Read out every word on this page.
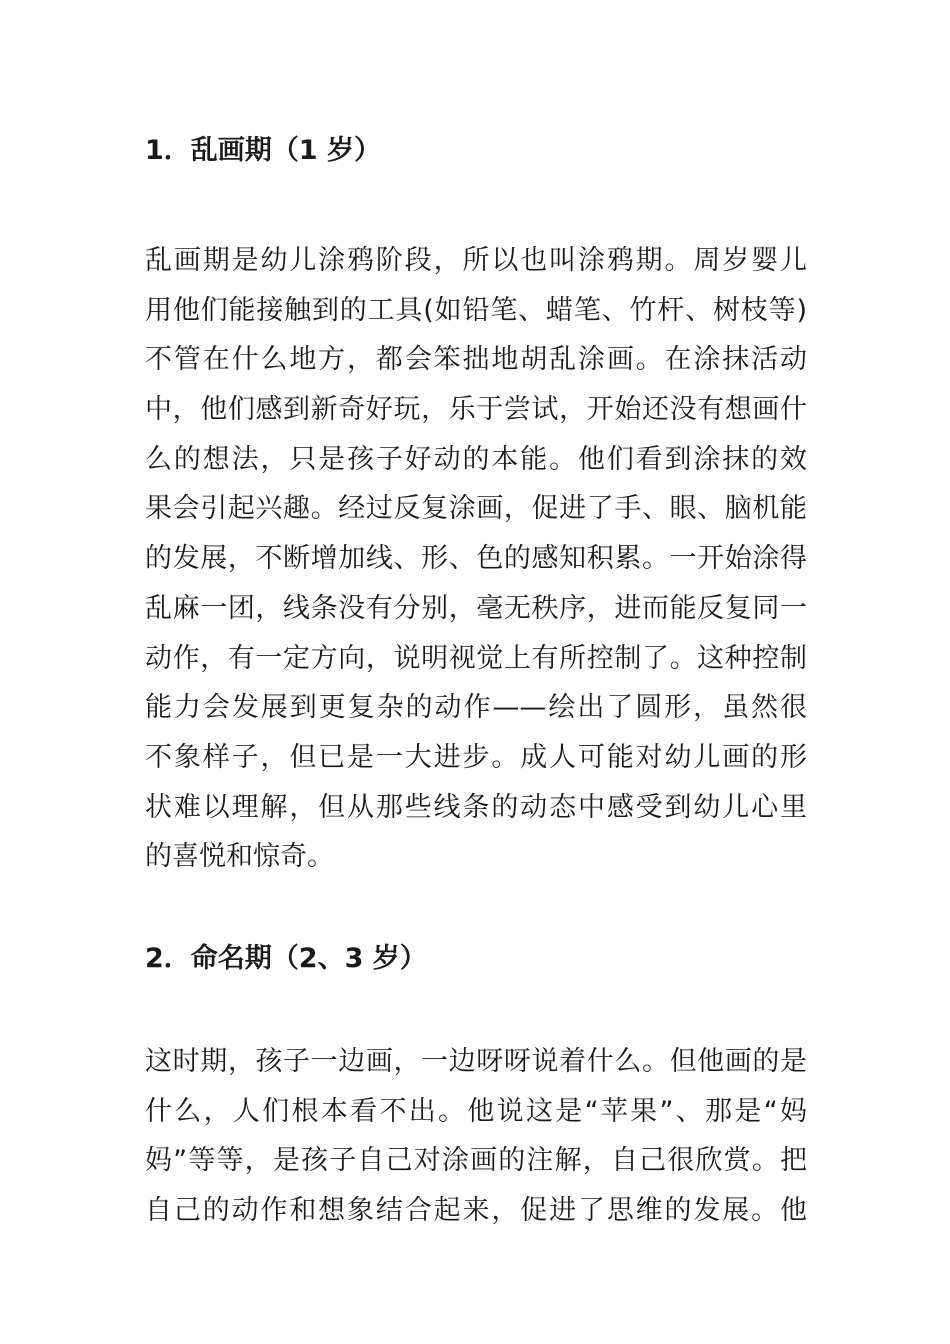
1．乱画期（1 岁）

乱画期是幼儿涂鸦阶段，所以也叫涂鸦期。周岁婴儿

用他们能接触到的工具(如铅笔、蜡笔、竹杆、树枝等)

不管在什么地方，都会笨拙地胡乱涂画。在涂抹活动

中，他们感到新奇好玩，乐于尝试，开始还没有想画什

么的想法，只是孩子好动的本能。他们看到涂抹的效

果会引起兴趣。经过反复涂画，促进了手、眼、脑机能

的发展，不断增加线、形、色的感知积累。一开始涂得

乱麻一团，线条没有分别，毫无秩序，进而能反复同一

动作，有一定方向，说明视觉上有所控制了。这种控制

能力会发展到更复杂的动作——绘出了圆形，虽然很

不象样子，但已是一大进步。成人可能对幼儿画的形

状难以理解，但从那些线条的动态中感受到幼儿心里

的喜悦和惊奇。

2．命名期（2、3 岁）

这时期，孩子一边画，一边呀呀说着什么。但他画的是

什么，人们根本看不出。他说这是“苹果”、那是“妈

妈”等等，是孩子自己对涂画的注解，自己很欣赏。把

自己的动作和想象结合起来，促进了思维的发展。他
